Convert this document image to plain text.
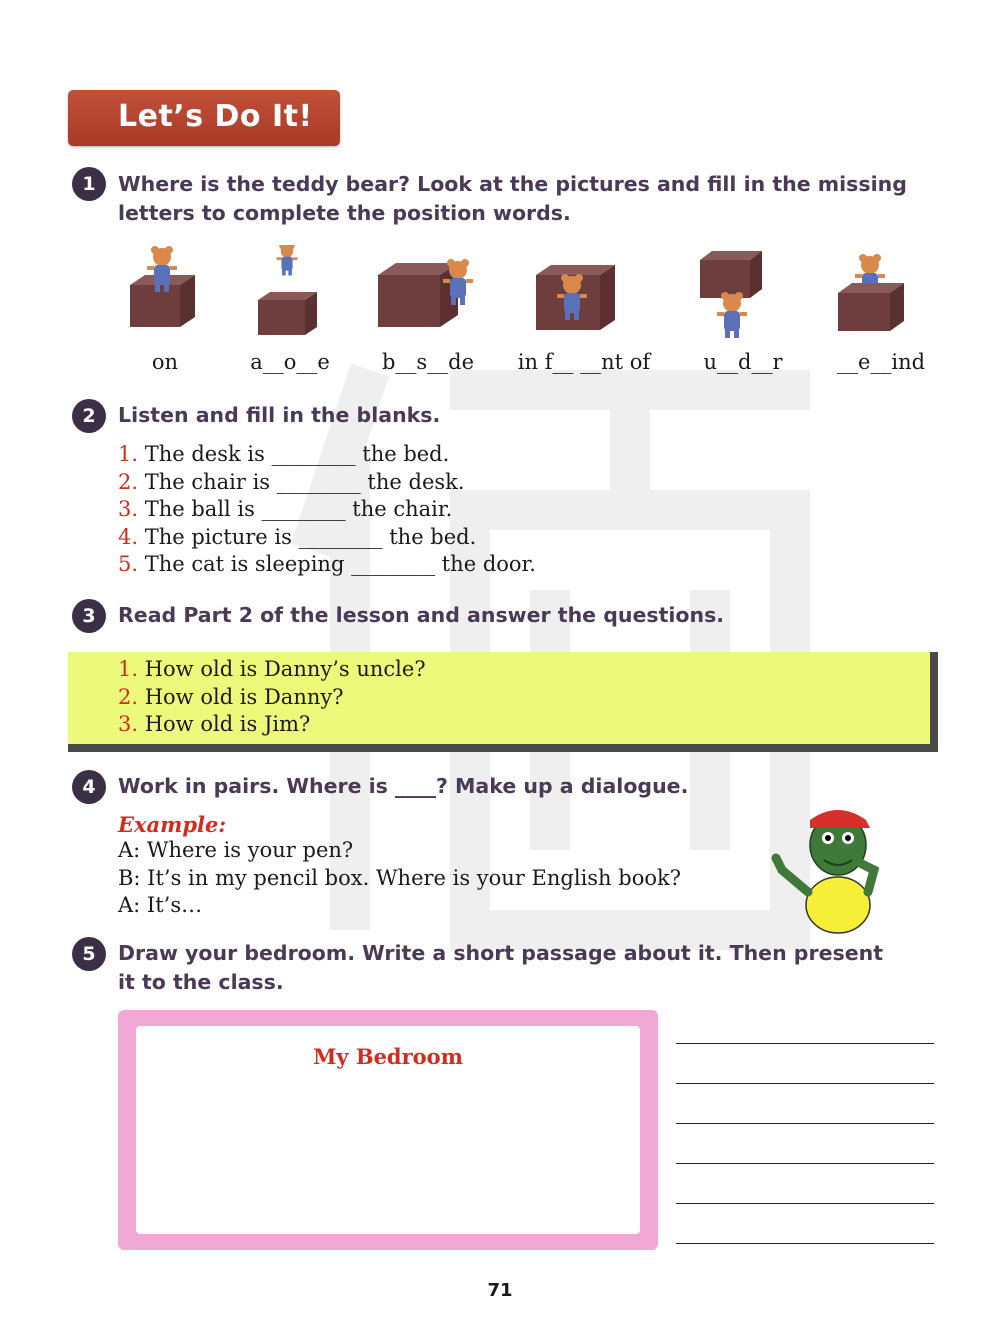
Let’s Do It!
1	Where is the teddy bear? Look at the pictures and fill in the missing
letters to complete the position words.
on	a__o__e	b__s__de	in f__ __nt of	u__d__r	__e__ind
2	Listen and fill in the blanks.
1. The desk is ________ the bed.
2. The chair is ________ the desk.
3. The ball is ________ the chair.
4. The picture is ________ the bed.
5. The cat is sleeping ________ the door.
3	Read Part 2 of the lesson and answer the questions.
1. How old is Danny’s uncle?
2. How old is Danny?
3. How old is Jim?
4	Work in pairs. Where is ____? Make up a dialogue.
Example:
A: Where is your pen?
B: It’s in my pencil box. Where is your English book?
A: It’s…
5	Draw your bedroom. Write a short passage about it. Then present
it to the class.
My Bedroom
71
